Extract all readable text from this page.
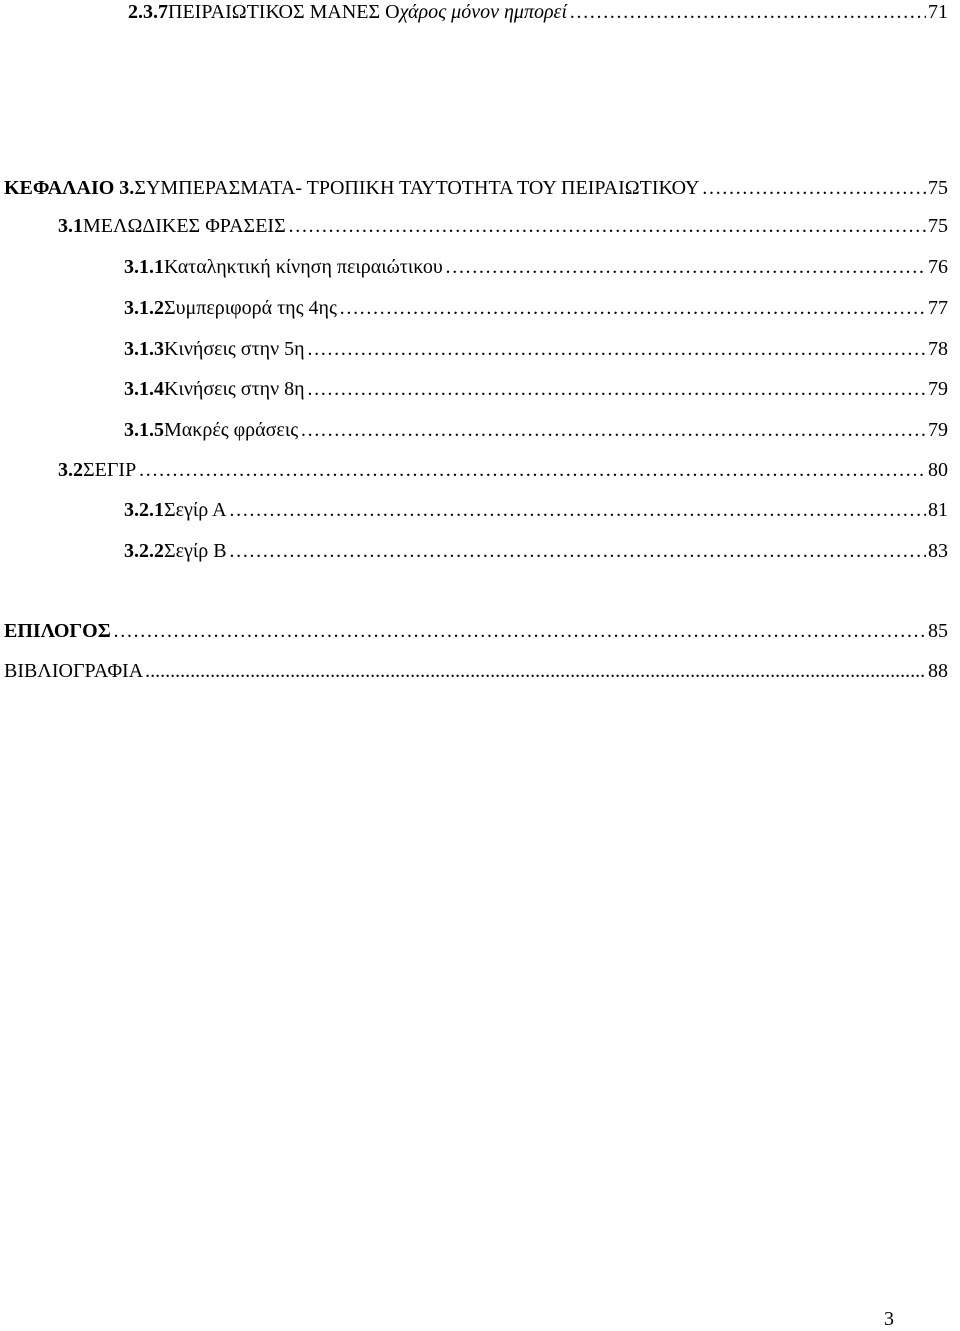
2.3.7 ΠΕΙΡΑΙΩΤΙΚΟΣ ΜΑΝΕΣ Ο χάρος μόνον ημπορεί …………………………………………………………………………………………………………………………………………………………………………………………………………………………………………………	71
ΚΕΦΑΛΑΙΟ 3. ΣΥΜΠΕΡΑΣΜΑΤΑ- ΤΡΟΠΙΚΗ ΤΑΥΤΟΤΗΤΑ ΤΟΥ ΠΕΙΡΑΙΩΤΙΚΟΥ …………………………………………………………………………………………………………………………………………………………………………………………………………………………………………………	75
3.1 ΜΕΛΩΔΙΚΕΣ ΦΡΑΣΕΙΣ …………………………………………………………………………………………………………………………………………………………………………………………………………………………………………………	75
3.1.1 Καταληκτική κίνηση πειραιώτικου …………………………………………………………………………………………………………………………………………………………………………………………………………………………………………………	76
3.1.2 Συμπεριφορά της 4ης …………………………………………………………………………………………………………………………………………………………………………………………………………………………………………………	77
3.1.3 Κινήσεις στην 5η …………………………………………………………………………………………………………………………………………………………………………………………………………………………………………………	78
3.1.4 Κινήσεις στην 8η …………………………………………………………………………………………………………………………………………………………………………………………………………………………………………………	79
3.1.5 Μακρές φράσεις …………………………………………………………………………………………………………………………………………………………………………………………………………………………………………………	79
3.2 ΣΕΓΙΡ …………………………………………………………………………………………………………………………………………………………………………………………………………………………………………………	80
3.2.1 Σεγίρ Α …………………………………………………………………………………………………………………………………………………………………………………………………………………………………………………	81
3.2.2 Σεγίρ Β …………………………………………………………………………………………………………………………………………………………………………………………………………………………………………………	83
ΕΠΙΛΟΓΟΣ …………………………………………………………………………………………………………………………………………………………………………………………………………………………………………………	85
ΒΙΒΛΙΟΓΡΑΦΙΑ .....	88
3
